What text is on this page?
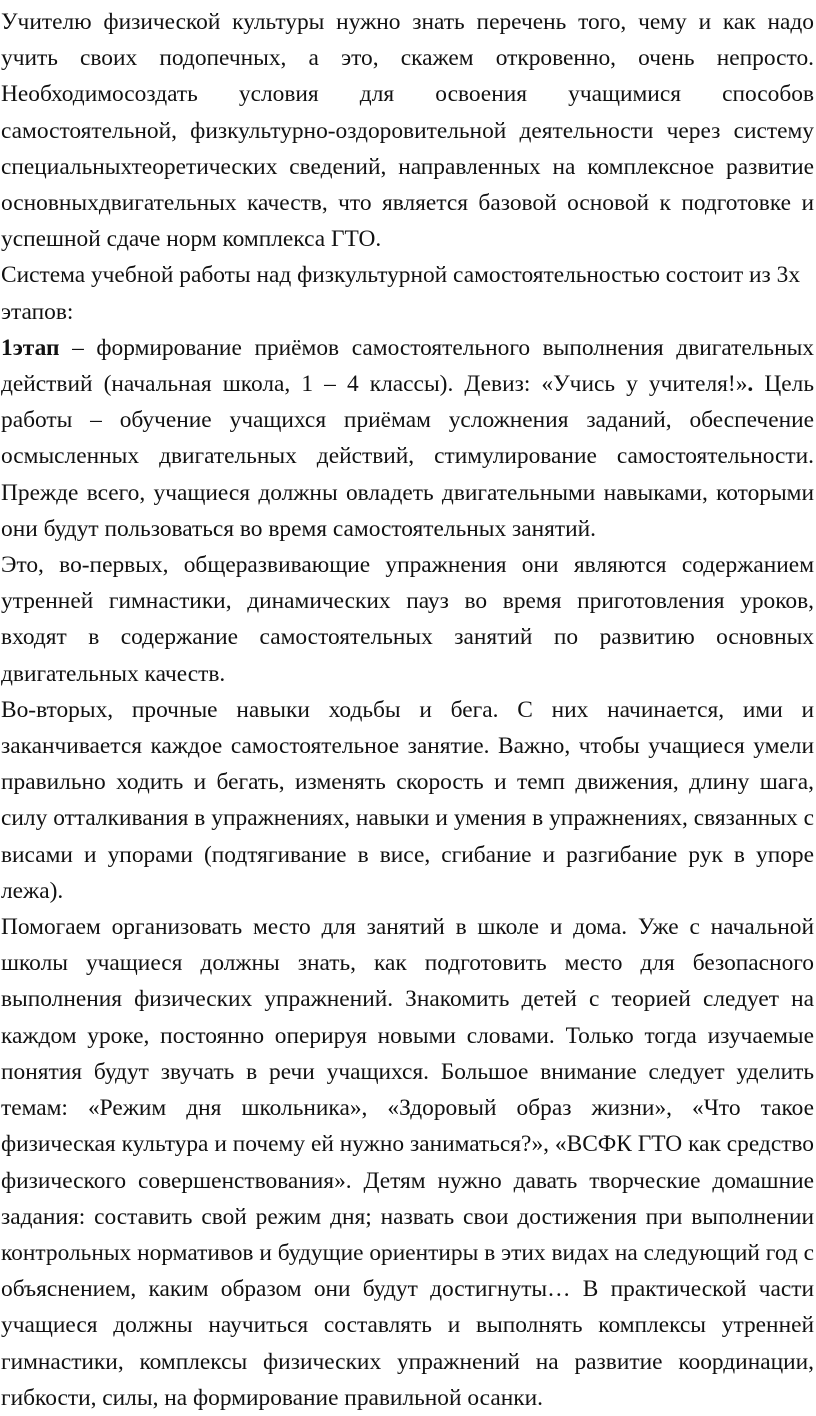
Учителю физической культуры нужно знать перечень того, чему и как надо учить своих подопечных, а это, скажем откровенно, очень непросто. Необходимосоздать условия для освоения учащимися способов самостоятельной, физкультурно-оздоровительной деятельности через систему специальныхтеоретических сведений, направленных на комплексное развитие основныхдвигательных качеств, что является базовой основой к подготовке и успешной сдаче норм комплекса ГТО.

Система учебной работы над физкультурной самостоятельностью состоит из 3х этапов:

1этап – формирование приёмов самостоятельного выполнения двигательных действий (начальная школа, 1 – 4 классы). Девиз: «Учись у учителя!». Цель работы – обучение учащихся приёмам усложнения заданий, обеспечение осмысленных двигательных действий, стимулирование самостоятельности. Прежде всего, учащиеся должны овладеть двигательными навыками, которыми они будут пользоваться во время самостоятельных занятий.

Это, во-первых, общеразвивающие упражнения они являются содержанием утренней гимнастики, динамических пауз во время приготовления уроков, входят в содержание самостоятельных занятий по развитию основных двигательных качеств.

Во-вторых, прочные навыки ходьбы и бега. С них начинается, ими и заканчивается каждое самостоятельное занятие. Важно, чтобы учащиеся умели правильно ходить и бегать, изменять скорость и темп движения, длину шага, силу отталкивания в упражнениях, навыки и умения в упражнениях, связанных с висами и упорами (подтягивание в висе, сгибание и разгибание рук в упоре лежа).

Помогаем организовать место для занятий в школе и дома. Уже с начальной школы учащиеся должны знать, как подготовить место для безопасного выполнения физических упражнений. Знакомить детей с теорией следует на каждом уроке, постоянно оперируя новыми словами. Только тогда изучаемые понятия будут звучать в речи учащихся. Большое внимание следует уделить темам: «Режим дня школьника», «Здоровый образ жизни», «Что такое физическая культура и почему ей нужно заниматься?», «ВСФК ГТО как средство физического совершенствования». Детям нужно давать творческие домашние задания: составить свой режим дня; назвать свои достижения при выполнении контрольных нормативов и будущие ориентиры в этих видах на следующий год с объяснением, каким образом они будут достигнуты… В практической части учащиеся должны научиться составлять и выполнять комплексы утренней гимнастики, комплексы физических упражнений на развитие координации, гибкости, силы, на формирование правильной осанки.
